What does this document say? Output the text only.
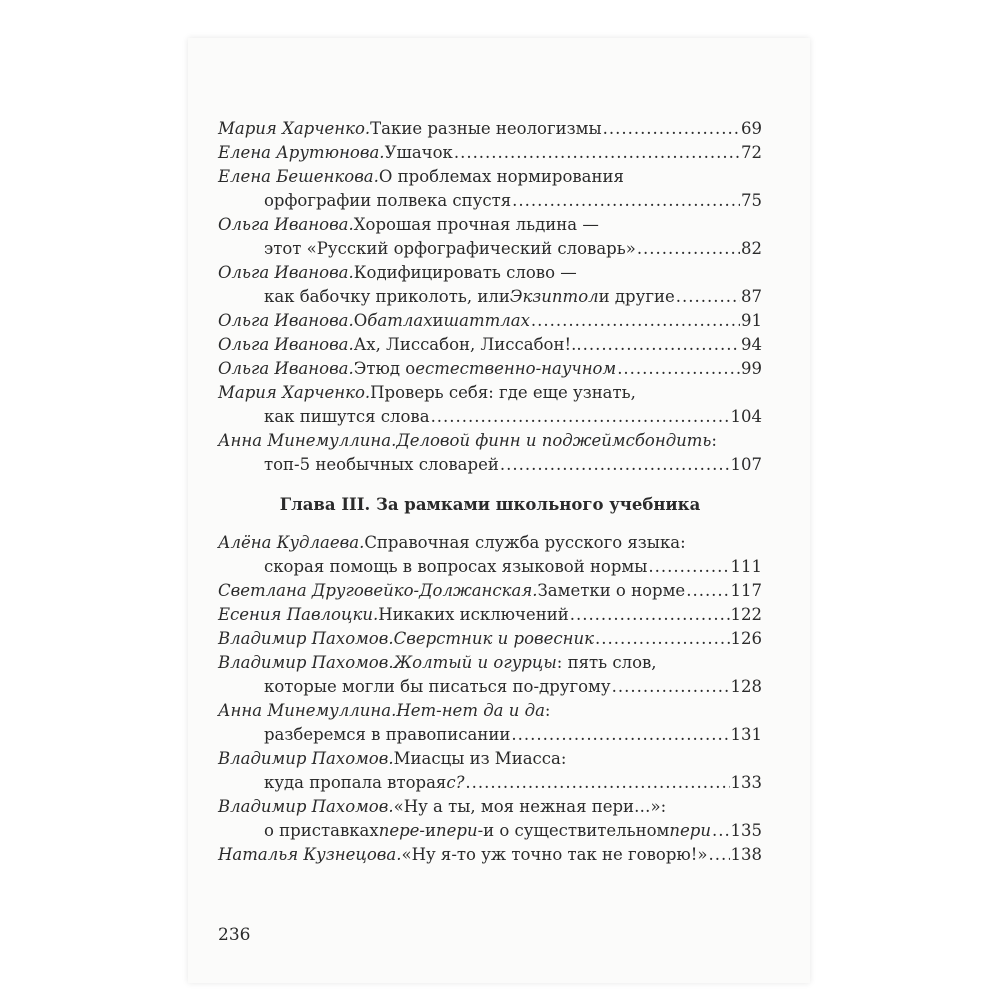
Мария Харченко. Такие разные неологизмы .....	69
Елена Арутюнова. Ушачок .....	72
Елена Бешенкова. О проблемах нормирования
орфографии полвека спустя .....	75
Ольга Иванова. Хорошая прочная льдина —
этот «Русский орфографический словарь» .....	82
Ольга Иванова. Кодифицировать слово —
как бабочку приколоть, или Экзиптол и другие .....	87
Ольга Иванова. О батлах и шаттлах .....	91
Ольга Иванова. Ах, Лиссабон, Лиссабон!.. .....	94
Ольга Иванова. Этюд о естественно-научном .....	99
Мария Харченко. Проверь себя: где еще узнать,
как пишутся слова .....	104
Анна Минемуллина. Деловой финн и поджеймсбондить :
топ-5 необычных словарей .....	107
Глава III. За рамками школьного учебника
Алёна Кудлаева. Справочная служба русского языка:
скорая помощь в вопросах языковой нормы .....	111
Светлана Друговейко-Должанская. Заметки о норме .....	117
Есения Павлоцки. Никаких исключений .....	122
Владимир Пахомов. Сверстник и ровесник .....	126
Владимир Пахомов. Жолтый и огурцы : пять слов,
которые могли бы писаться по-другому .....	128
Анна Минемуллина. Нет-нет да и да :
разберемся в правописании .....	131
Владимир Пахомов. Миасцы из Миасса:
куда пропала вторая с? .....	133
Владимир Пахомов. «Ну а ты, моя нежная пери…»:
о приставках пере- и пери- и о существительном пери ..... 135
Наталья Кузнецова. «Ну я-то уж точно так не говорю!» ..... 138
236
